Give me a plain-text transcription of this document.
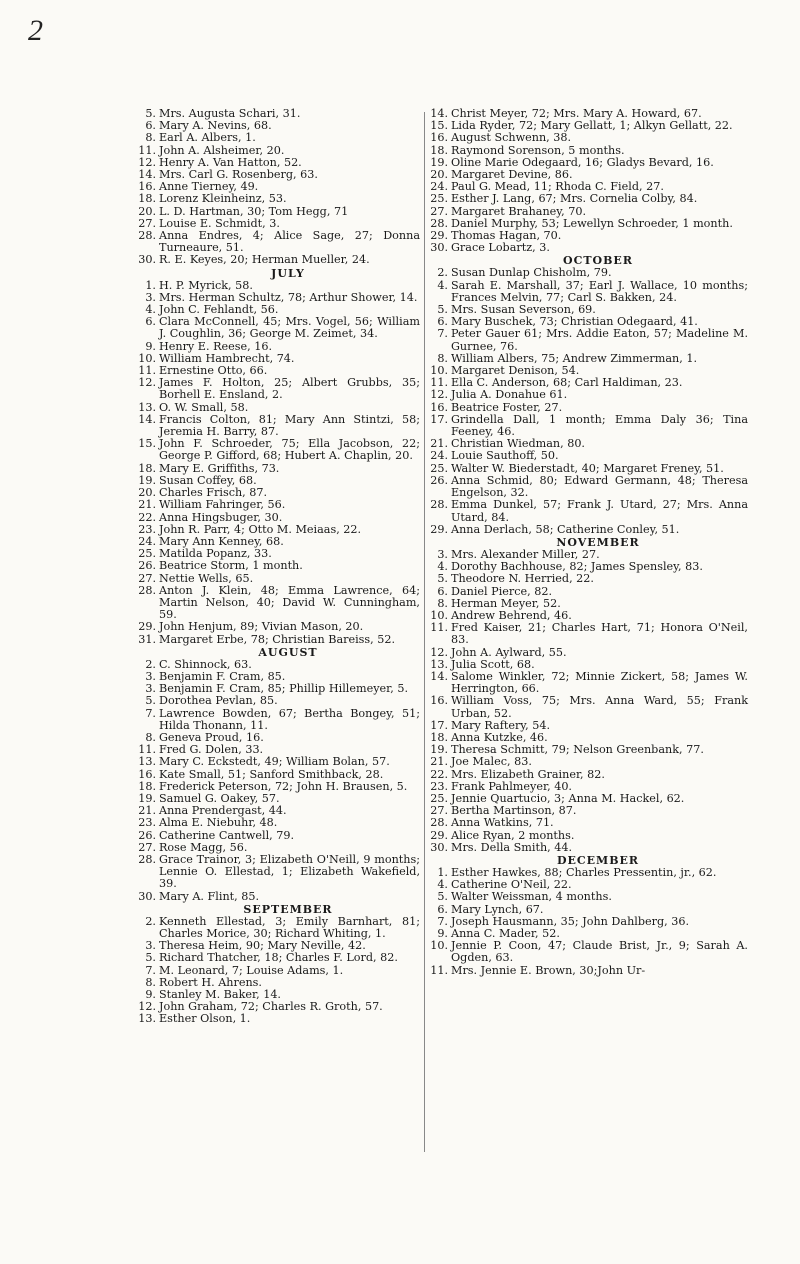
2
5. Mrs. Augusta Schari, 31.
6. Mary A. Nevins, 68.
8. Earl A. Albers, 1.
11. John A. Alsheimer, 20.
12. Henry A. Van Hatton, 52.
14. Mrs. Carl G. Rosenberg, 63.
16. Anne Tierney, 49.
18. Lorenz Kleinheinz, 53.
20. L. D. Hartman, 30; Tom Hegg, 71
27. Louise E. Schmidt, 3.
28. Anna Endres, 4; Alice Sage, 27; Donna Turneaure, 51.
30. R. E. Keyes, 20; Herman Mueller, 24.
JULY
1. H. P. Myrick, 58.
3. Mrs. Herman Schultz, 78; Arthur Shower, 14.
4. John C. Fehlandt, 56.
6. Clara McConnell, 45; Mrs. Vogel, 56; William J. Coughlin, 36; George M. Zeimet, 34.
9. Henry E. Reese, 16.
10. William Hambrecht, 74.
11. Ernestine Otto, 66.
12. James F. Holton, 25; Albert Grubbs, 35; Borhell E. Ensland, 2.
13. O. W. Small, 58.
14. Francis Colton, 81; Mary Ann Stintzi, 58; Jeremia H. Barry, 87.
15. John F. Schroeder, 75; Ella Jacobson, 22; George P. Gifford, 68; Hubert A. Chaplin, 20.
18. Mary E. Griffiths, 73.
19. Susan Coffey, 68.
20. Charles Frisch, 87.
21. William Fahringer, 56.
22. Anna Hingsbuger, 30.
23. John R. Parr, 4; Otto M. Meiaas, 22.
24. Mary Ann Kenney, 68.
25. Matilda Popanz, 33.
26. Beatrice Storm, 1 month.
27. Nettie Wells, 65.
28. Anton J. Klein, 48; Emma Lawrence, 64; Martin Nelson, 40; David W. Cunningham, 59.
29. John Henjum, 89; Vivian Mason, 20.
31. Margaret Erbe, 78; Christian Bareiss, 52.
AUGUST
2. C. Shinnock, 63.
3. Benjamin F. Cram, 85.
3. Benjamin F. Cram, 85; Phillip Hillemeyer, 5.
5. Dorothea Pevlan, 85.
7. Lawrence Bowden, 67; Bertha Bongey, 51; Hilda Thonann, 11.
8. Geneva Proud, 16.
11. Fred G. Dolen, 33.
13. Mary C. Eckstedt, 49; William Bolan, 57.
16. Kate Small, 51; Sanford Smithback, 28.
18. Frederick Peterson, 72; John H. Brausen, 5.
19. Samuel G. Oakey, 57.
21. Anna Prendergast, 44.
23. Alma E. Niebuhr, 48.
26. Catherine Cantwell, 79.
27. Rose Magg, 56.
28. Grace Trainor, 3; Elizabeth O'Neill, 9 months; Lennie O. Ellestad, 1; Elizabeth Wakefield, 39.
30. Mary A. Flint, 85.
SEPTEMBER
2. Kenneth Ellestad, 3; Emily Barnhart, 81; Charles Morice, 30; Richard Whiting, 1.
3. Theresa Heim, 90; Mary Neville, 42.
5. Richard Thatcher, 18; Charles F. Lord, 82.
7. M. Leonard, 7; Louise Adams, 1.
8. Robert H. Ahrens.
9. Stanley M. Baker, 14.
12. John Graham, 72; Charles R. Groth, 57.
13. Esther Olson, 1.
14. Christ Meyer, 72; Mrs. Mary A. Howard, 67.
15. Lida Ryder, 72; Mary Gellatt, 1; Alkyn Gellatt, 22.
16. August Schwenn, 38.
18. Raymond Sorenson, 5 months.
19. Oline Marie Odegaard, 16; Gladys Bevard, 16.
20. Margaret Devine, 86.
24. Paul G. Mead, 11; Rhoda C. Field, 27.
25. Esther J. Lang, 67; Mrs. Cornelia Colby, 84.
27. Margaret Brahaney, 70.
28. Daniel Murphy, 53; Lewellyn Schroeder, 1 month.
29. Thomas Hagan, 70.
30. Grace Lobartz, 3.
OCTOBER
2. Susan Dunlap Chisholm, 79.
4. Sarah E. Marshall, 37; Earl J. Wallace, 10 months; Frances Melvin, 77; Carl S. Bakken, 24.
5. Mrs. Susan Severson, 69.
6. Mary Buschek, 73; Christian Odegaard, 41.
7. Peter Gauer 61; Mrs. Addie Eaton, 57; Madeline M. Gurnee, 76.
8. William Albers, 75; Andrew Zimmerman, 1.
10. Margaret Denison, 54.
11. Ella C. Anderson, 68; Carl Haldiman, 23.
12. Julia A. Donahue 61.
16. Beatrice Foster, 27.
17. Grindella Dall, 1 month; Emma Daly 36; Tina Feeney, 46.
21. Christian Wiedman, 80.
24. Louie Sauthoff, 50.
25. Walter W. Biederstadt, 40; Margaret Freney, 51.
26. Anna Schmid, 80; Edward Germann, 48; Theresa Engelson, 32.
28. Emma Dunkel, 57; Frank J. Utard, 27; Mrs. Anna Utard, 84.
29. Anna Derlach, 58; Catherine Conley, 51.
NOVEMBER
3. Mrs. Alexander Miller, 27.
4. Dorothy Bachhouse, 82; James Spensley, 83.
5. Theodore N. Herried, 22.
6. Daniel Pierce, 82.
8. Herman Meyer, 52.
10. Andrew Behrend, 46.
11. Fred Kaiser, 21; Charles Hart, 71; Honora O'Neil, 83.
12. John A. Aylward, 55.
13. Julia Scott, 68.
14. Salome Winkler, 72; Minnie Zickert, 58; James W. Herrington, 66.
16. William Voss, 75; Mrs. Anna Ward, 55; Frank Urban, 52.
17. Mary Raftery, 54.
18. Anna Kutzke, 46.
19. Theresa Schmitt, 79; Nelson Greenbank, 77.
21. Joe Malec, 83.
22. Mrs. Elizabeth Grainer, 82.
23. Frank Pahlmeyer, 40.
25. Jennie Quartucio, 3; Anna M. Hackel, 62.
27. Bertha Martinson, 87.
28. Anna Watkins, 71.
29. Alice Ryan, 2 months.
30. Mrs. Della Smith, 44.
DECEMBER
1. Esther Hawkes, 88; Charles Pressentin, jr., 62.
4. Catherine O'Neil, 22.
5. Walter Weissman, 4 months.
6. Mary Lynch, 67.
7. Joseph Hausmann, 35; John Dahlberg, 36.
9. Anna C. Mader, 52.
10. Jennie P. Coon, 47; Claude Brist, Jr., 9; Sarah A. Ogden, 63.
11. Mrs. Jennie E. Brown, 30;John Ur-
